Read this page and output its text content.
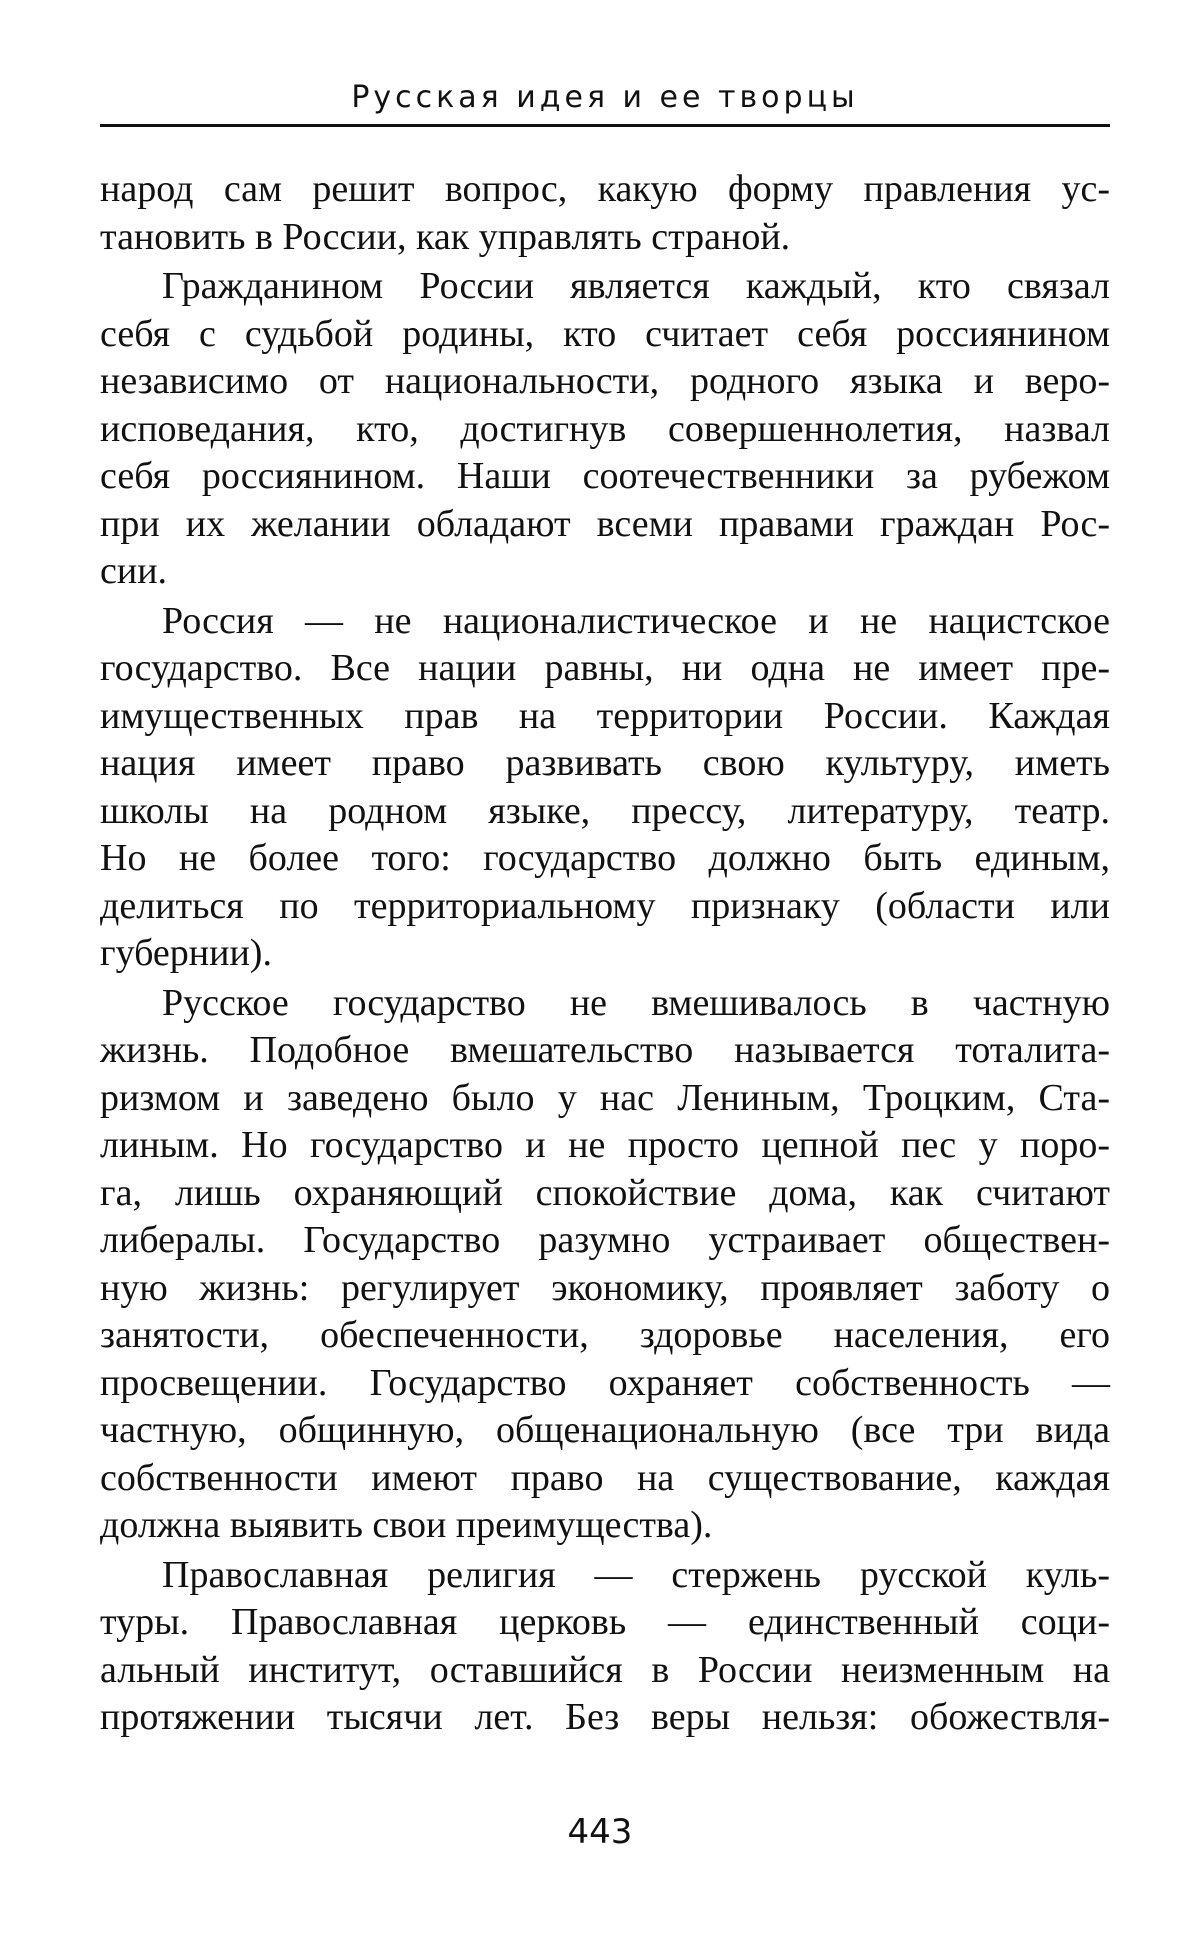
Русская идея и ее творцы
народ сам решит вопрос, какую форму правления ус-
тановить в России, как управлять страной.
Гражданином России является каждый, кто связал
себя с судьбой родины, кто считает себя россиянином
независимо от национальности, родного языка и веро-
исповедания, кто, достигнув совершеннолетия, назвал
себя россиянином. Наши соотечественники за рубежом
при их желании обладают всеми правами граждан Рос-
сии.
Россия — не националистическое и не нацистское
государство. Все нации равны, ни одна не имеет пре-
имущественных прав на территории России. Каждая
нация имеет право развивать свою культуру, иметь
школы на родном языке, прессу, литературу, театр.
Но не более того: государство должно быть единым,
делиться по территориальному признаку (области или
губернии).
Русское государство не вмешивалось в частную
жизнь. Подобное вмешательство называется тоталита-
ризмом и заведено было у нас Лениным, Троцким, Ста-
линым. Но государство и не просто цепной пес у поро-
га, лишь охраняющий спокойствие дома, как считают
либералы. Государство разумно устраивает обществен-
ную жизнь: регулирует экономику, проявляет заботу о
занятости, обеспеченности, здоровье населения, его
просвещении. Государство охраняет собственность —
частную, общинную, общенациональную (все три вида
собственности имеют право на существование, каждая
должна выявить свои преимущества).
Православная религия — стержень русской куль-
туры. Православная церковь — единственный соци-
альный институт, оставшийся в России неизменным на
протяжении тысячи лет. Без веры нельзя: обожествля-
443
